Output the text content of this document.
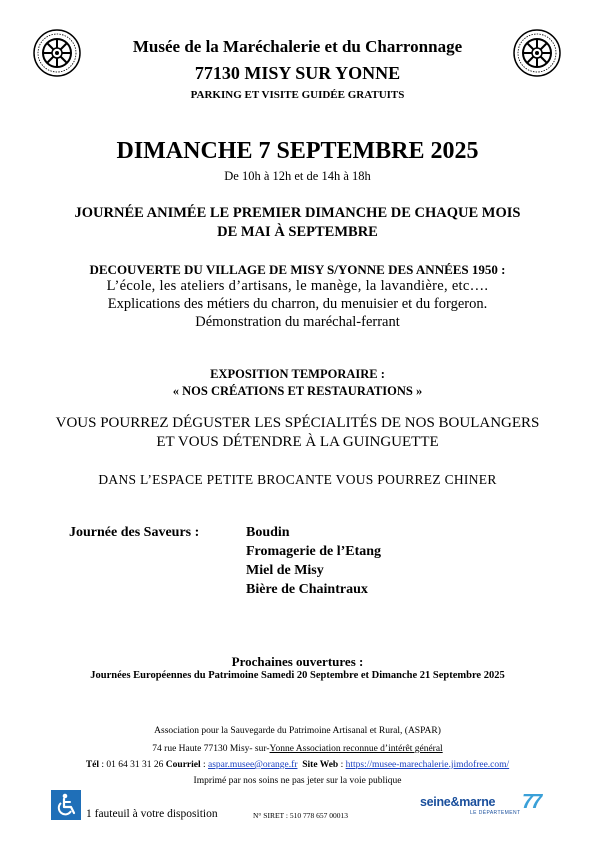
Musée de la Maréchalerie et du Charronnage
77130 MISY SUR YONNE
PARKING ET VISITE GUIDÉE GRATUITS
DIMANCHE 7 SEPTEMBRE 2025
De 10h à 12h et de 14h à 18h
JOURNÉE ANIMÉE LE PREMIER DIMANCHE DE CHAQUE MOIS
DE MAI À SEPTEMBRE
DECOUVERTE DU VILLAGE DE MISY S/YONNE DES ANNÉES 1950 :
L’école, les ateliers d’artisans, le manège, la lavandière, etc….
Explications des métiers du charron, du menuisier et du forgeron.
Démonstration du maréchal-ferrant
EXPOSITION TEMPORAIRE :
« NOS CRÉATIONS ET RESTAURATIONS »
VOUS POURREZ DÉGUSTER LES SPÉCIALITÉS DE NOS BOULANGERS
ET VOUS DÉTENDRE À LA GUINGUETTE
DANS L’ESPACE PETITE BROCANTE VOUS POURREZ CHINER
Journée des Saveurs :	Boudin
Fromagerie de l’Etang
Miel de Misy
Bière de Chaintraux
Prochaines ouvertures :
Journées Européennes du Patrimoine Samedi 20 Septembre et Dimanche 21 Septembre 2025
Association pour la Sauvegarde du Patrimoine Artisanal et Rural, (ASPAR)
74 rue Haute 77130 Misy- sur-Yonne Association reconnue d’intérêt général
Tél : 01 64 31 31 26 Courriel : aspar.musee@orange.fr Site Web : https://musee-marechalerie.jimdofree.com/
Imprimé par nos soins ne pas jeter sur la voie publique
1 fauteuil à votre disposition	N° SIRET : 510 778 657 00013
seine&marne
LE DÉPARTEMENT 77
